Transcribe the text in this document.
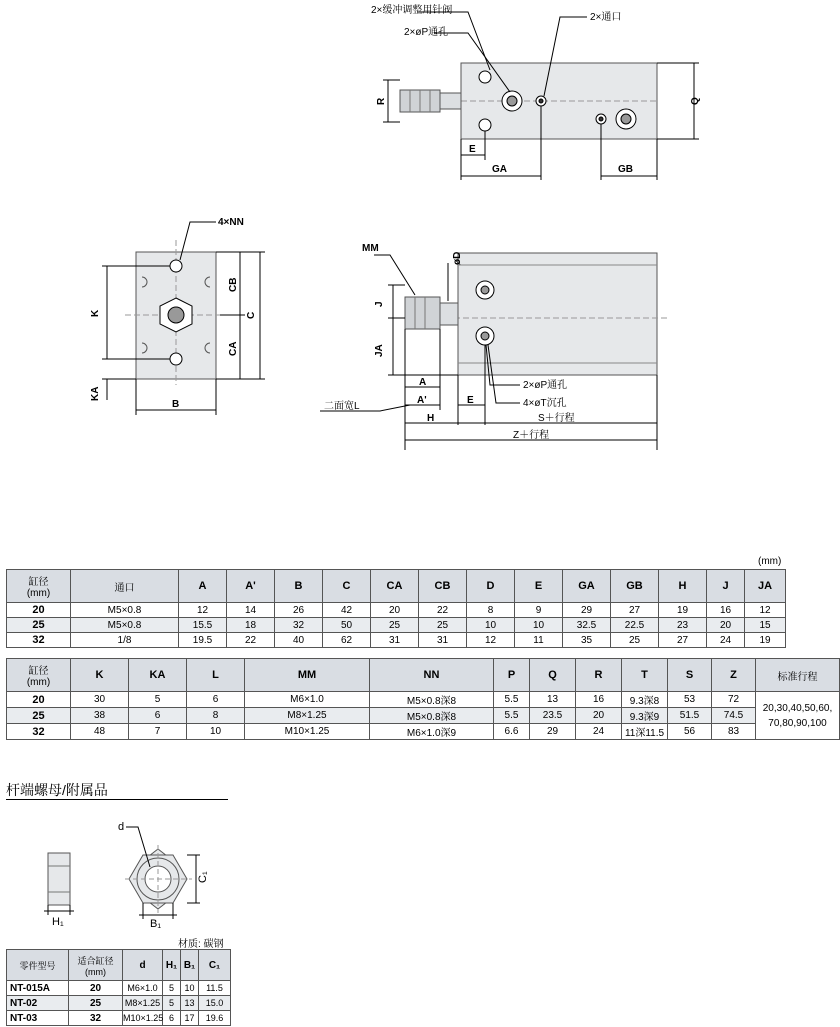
2×缓冲调整用针阀
2×øP通孔
2×通口
R	Q
E
GA	GB
4×NN
K
KA
B
CB
CA
C
MM
øD
J
JA
A
A'
H
E
二面宽L
2×øP通孔
4×øT沉孔
S＋行程
Z＋行程
(mm)
缸径
(mm)	通口	A	A'	B	C	CA	CB	D	E	GA	GB	H	J	JA
20	M5×0.8	12	14	26	42	20	22	8	9	29	27	19	16	12
25	M5×0.8	15.5	18	32	50	25	25	10	10	32.5	22.5	23	20	15
32	1/8	19.5	22	40	62	31	31	12	11	35	25	27	24	19
缸径
(mm)	K	KA	L	MM	NN	P	Q	R	T	S	Z	标准行程
20	30	5	6	M6×1.0	M5×0.8深8	5.5	13	16	9.3深8	53	72	20,30,40,50,60,
70,80,90,100

25	38	6	8	M8×1.25	M5×0.8深8	5.5	23.5	20	9.3深9	51.5	74.5	
32	48	7	10	M10×1.25	M6×1.0深9	6.6	29	24	11深11.5	56	83	
杆端螺母/附属品
d
H₁	B₁
C₁
材质: 碳钢
零件型号	适合缸径
(mm)	d	H₁	B₁	C₁
NT-015A	20	M6×1.0	5	10	11.5
NT-02	25	M8×1.25	5	13	15.0
NT-03	32	M10×1.25	6	17	19.6
